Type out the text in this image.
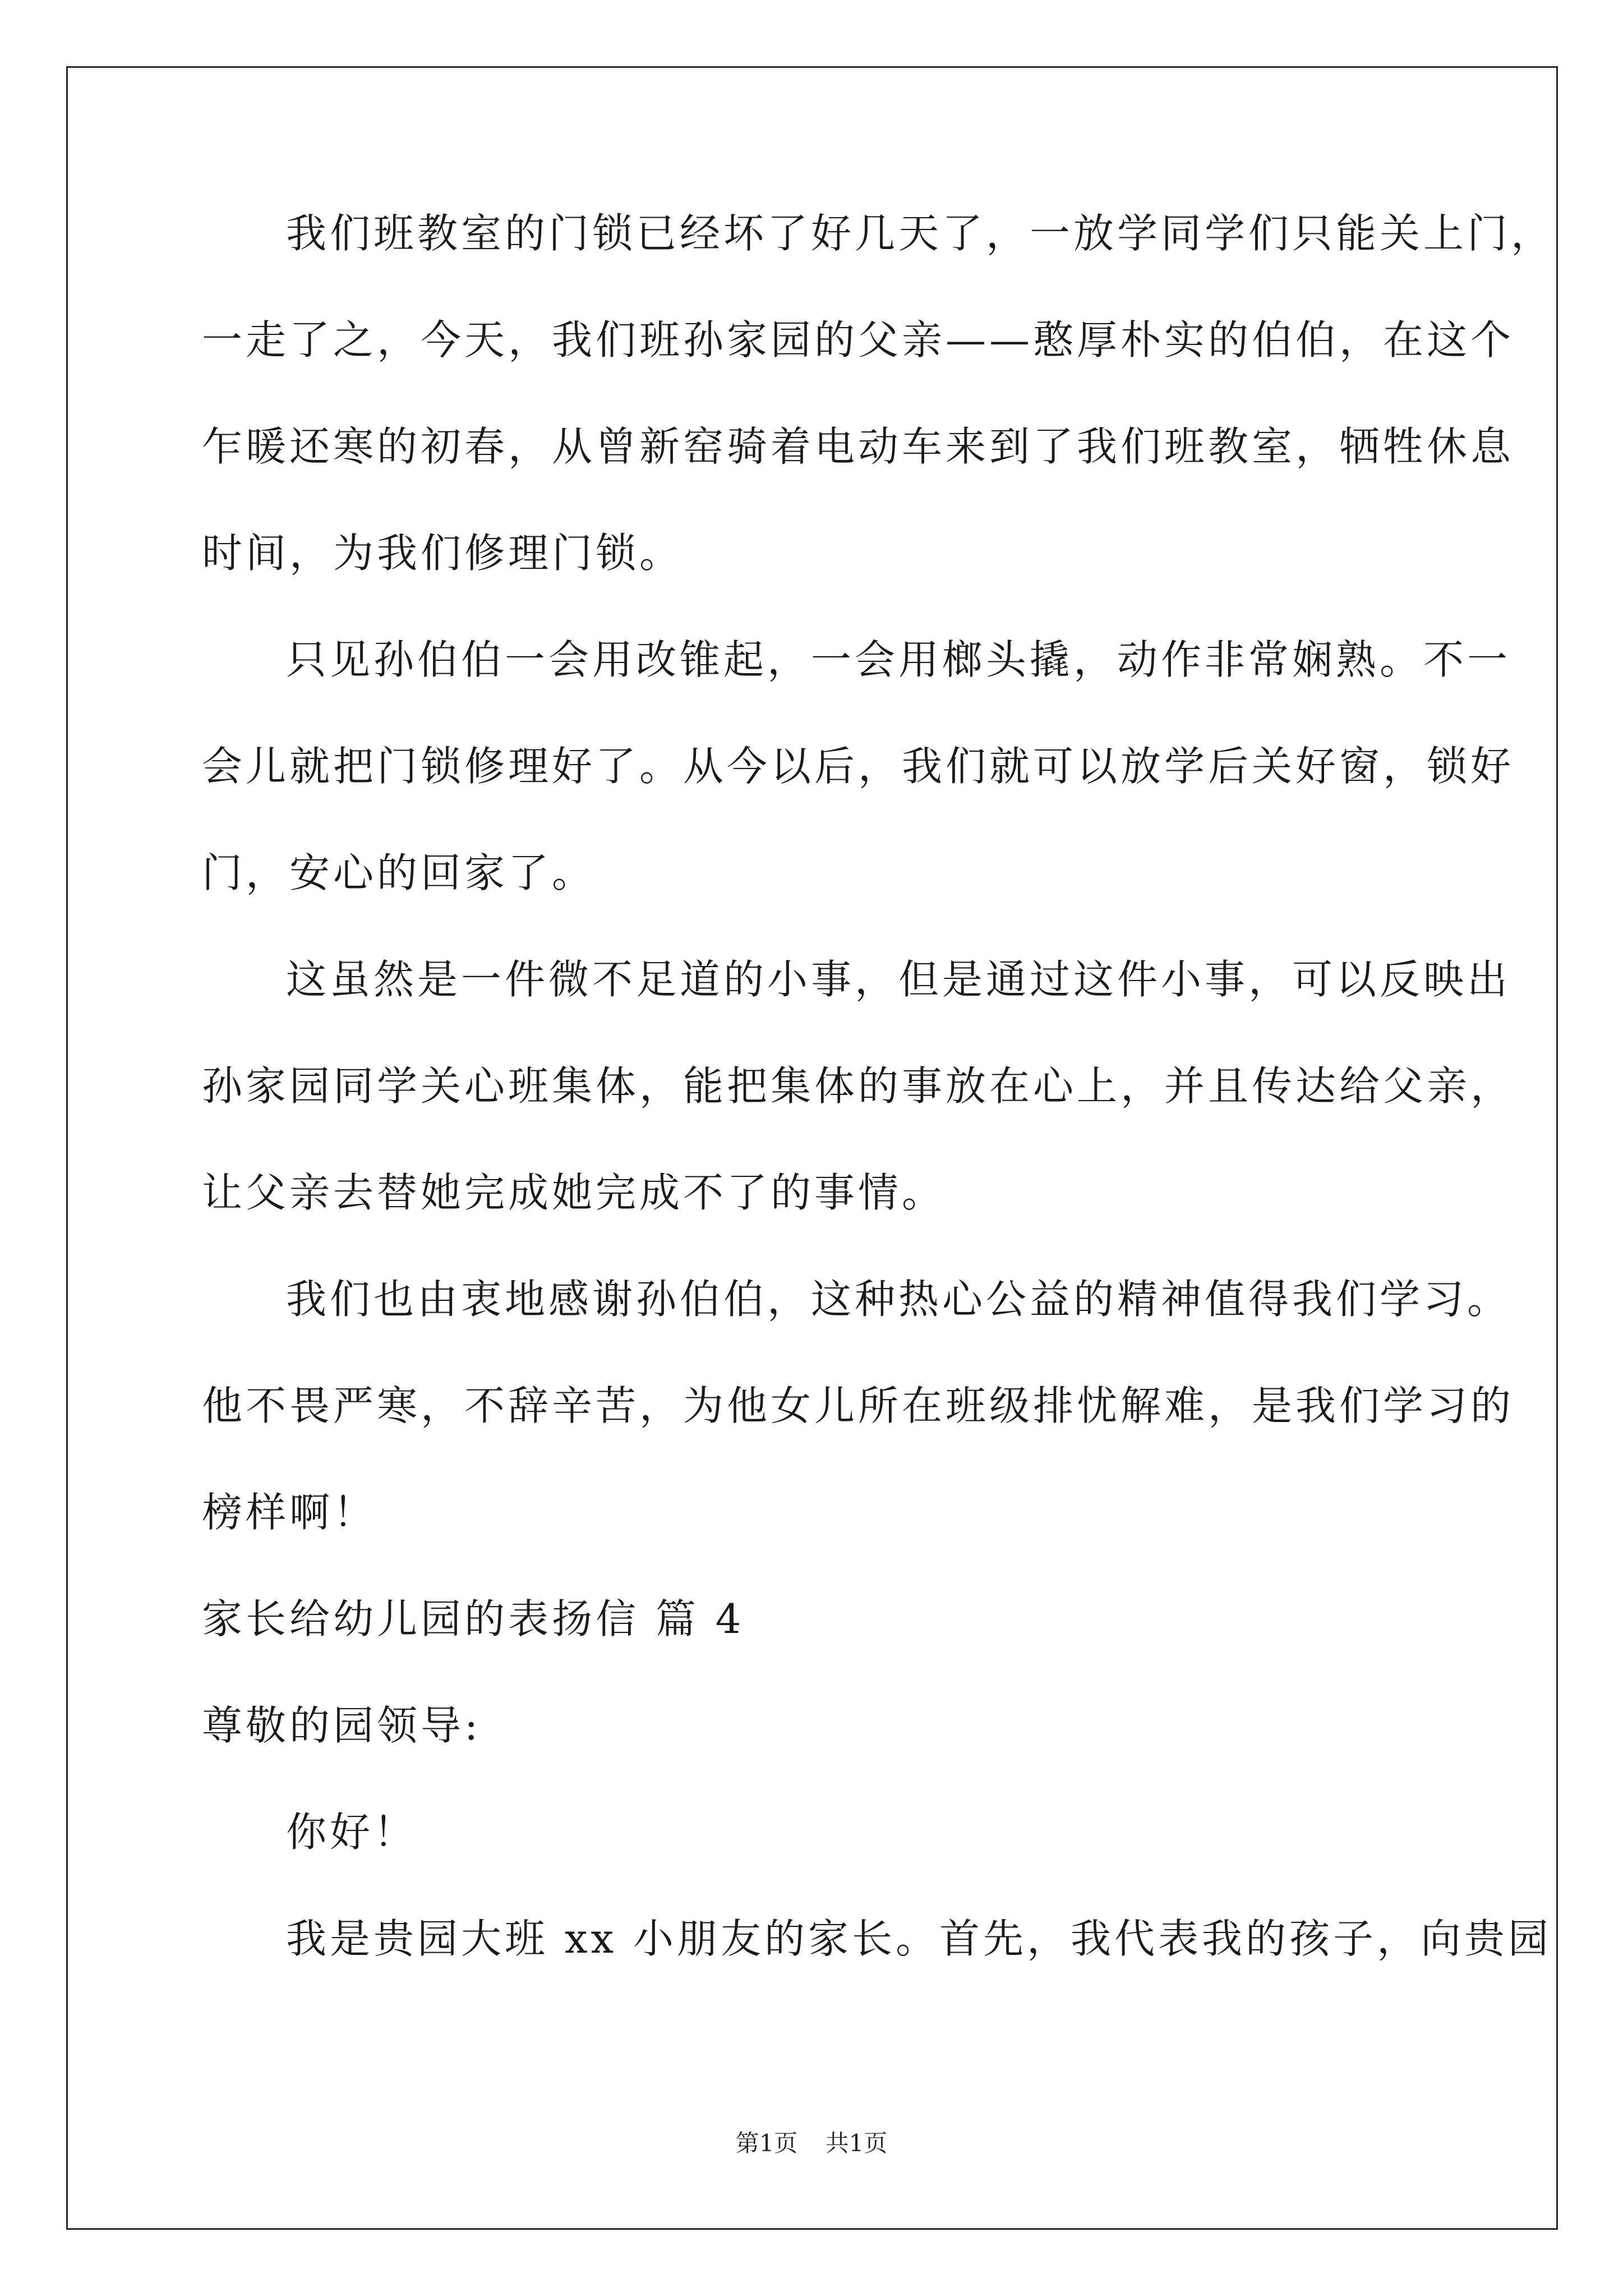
我们班教室的门锁已经坏了好几天了，一放学同学们只能关上门，
一走了之，今天，我们班孙家园的父亲——憨厚朴实的伯伯，在这个
乍暖还寒的初春，从曾新窑骑着电动车来到了我们班教室，牺牲休息
时间，为我们修理门锁。
只见孙伯伯一会用改锥起，一会用榔头撬，动作非常娴熟。不一
会儿就把门锁修理好了。从今以后，我们就可以放学后关好窗，锁好
门，安心的回家了。
这虽然是一件微不足道的小事，但是通过这件小事，可以反映出
孙家园同学关心班集体，能把集体的事放在心上，并且传达给父亲，
让父亲去替她完成她完成不了的事情。
我们也由衷地感谢孙伯伯，这种热心公益的精神值得我们学习。
他不畏严寒，不辞辛苦，为他女儿所在班级排忧解难，是我们学习的
榜样啊！
家长给幼儿园的表扬信 篇 4
尊敬的园领导:
你好！
我是贵园大班 xx 小朋友的家长。首先，我代表我的孩子，向贵园
第1页 共1页
